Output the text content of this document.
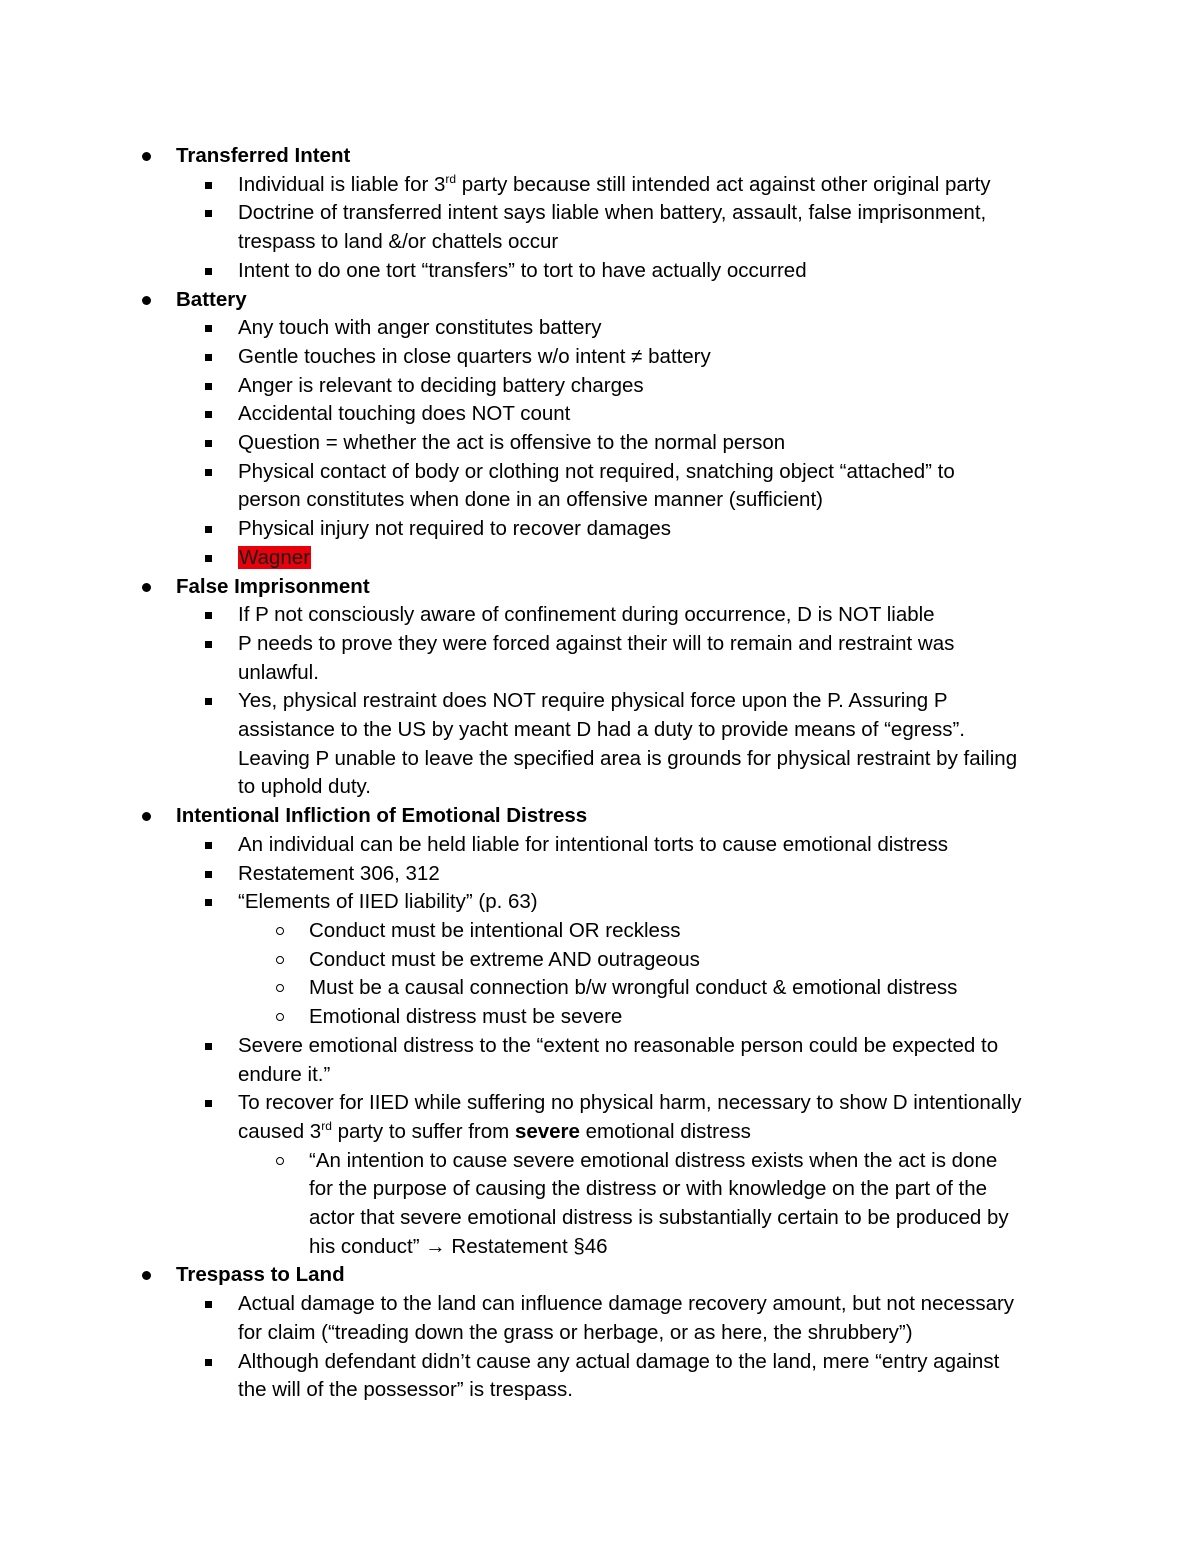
Transferred Intent
Individual is liable for 3rd party because still intended act against other original party
Doctrine of transferred intent says liable when battery, assault, false imprisonment,
trespass to land &/or chattels occur
Intent to do one tort “transfers” to tort to have actually occurred
Battery
Any touch with anger constitutes battery
Gentle touches in close quarters w/o intent ≠ battery
Anger is relevant to deciding battery charges
Accidental touching does NOT count
Question = whether the act is offensive to the normal person
Physical contact of body or clothing not required, snatching object “attached” to
person constitutes when done in an offensive manner (sufficient)
Physical injury not required to recover damages
Wagner
False Imprisonment
If P not consciously aware of confinement during occurrence, D is NOT liable
P needs to prove they were forced against their will to remain and restraint was
unlawful.
Yes, physical restraint does NOT require physical force upon the P. Assuring P
assistance to the US by yacht meant D had a duty to provide means of “egress”.
Leaving P unable to leave the specified area is grounds for physical restraint by failing
to uphold duty.
Intentional Infliction of Emotional Distress
An individual can be held liable for intentional torts to cause emotional distress
Restatement 306, 312
“Elements of IIED liability” (p. 63)
Conduct must be intentional OR reckless
Conduct must be extreme AND outrageous
Must be a causal connection b/w wrongful conduct & emotional distress
Emotional distress must be severe
Severe emotional distress to the “extent no reasonable person could be expected to
endure it.”
To recover for IIED while suffering no physical harm, necessary to show D intentionally
caused 3rd party to suffer from severe emotional distress
“An intention to cause severe emotional distress exists when the act is done
for the purpose of causing the distress or with knowledge on the part of the
actor that severe emotional distress is substantially certain to be produced by
his conduct” → Restatement §46
Trespass to Land
Actual damage to the land can influence damage recovery amount, but not necessary
for claim (“treading down the grass or herbage, or as here, the shrubbery”)
Although defendant didn’t cause any actual damage to the land, mere “entry against
the will of the possessor” is trespass.
